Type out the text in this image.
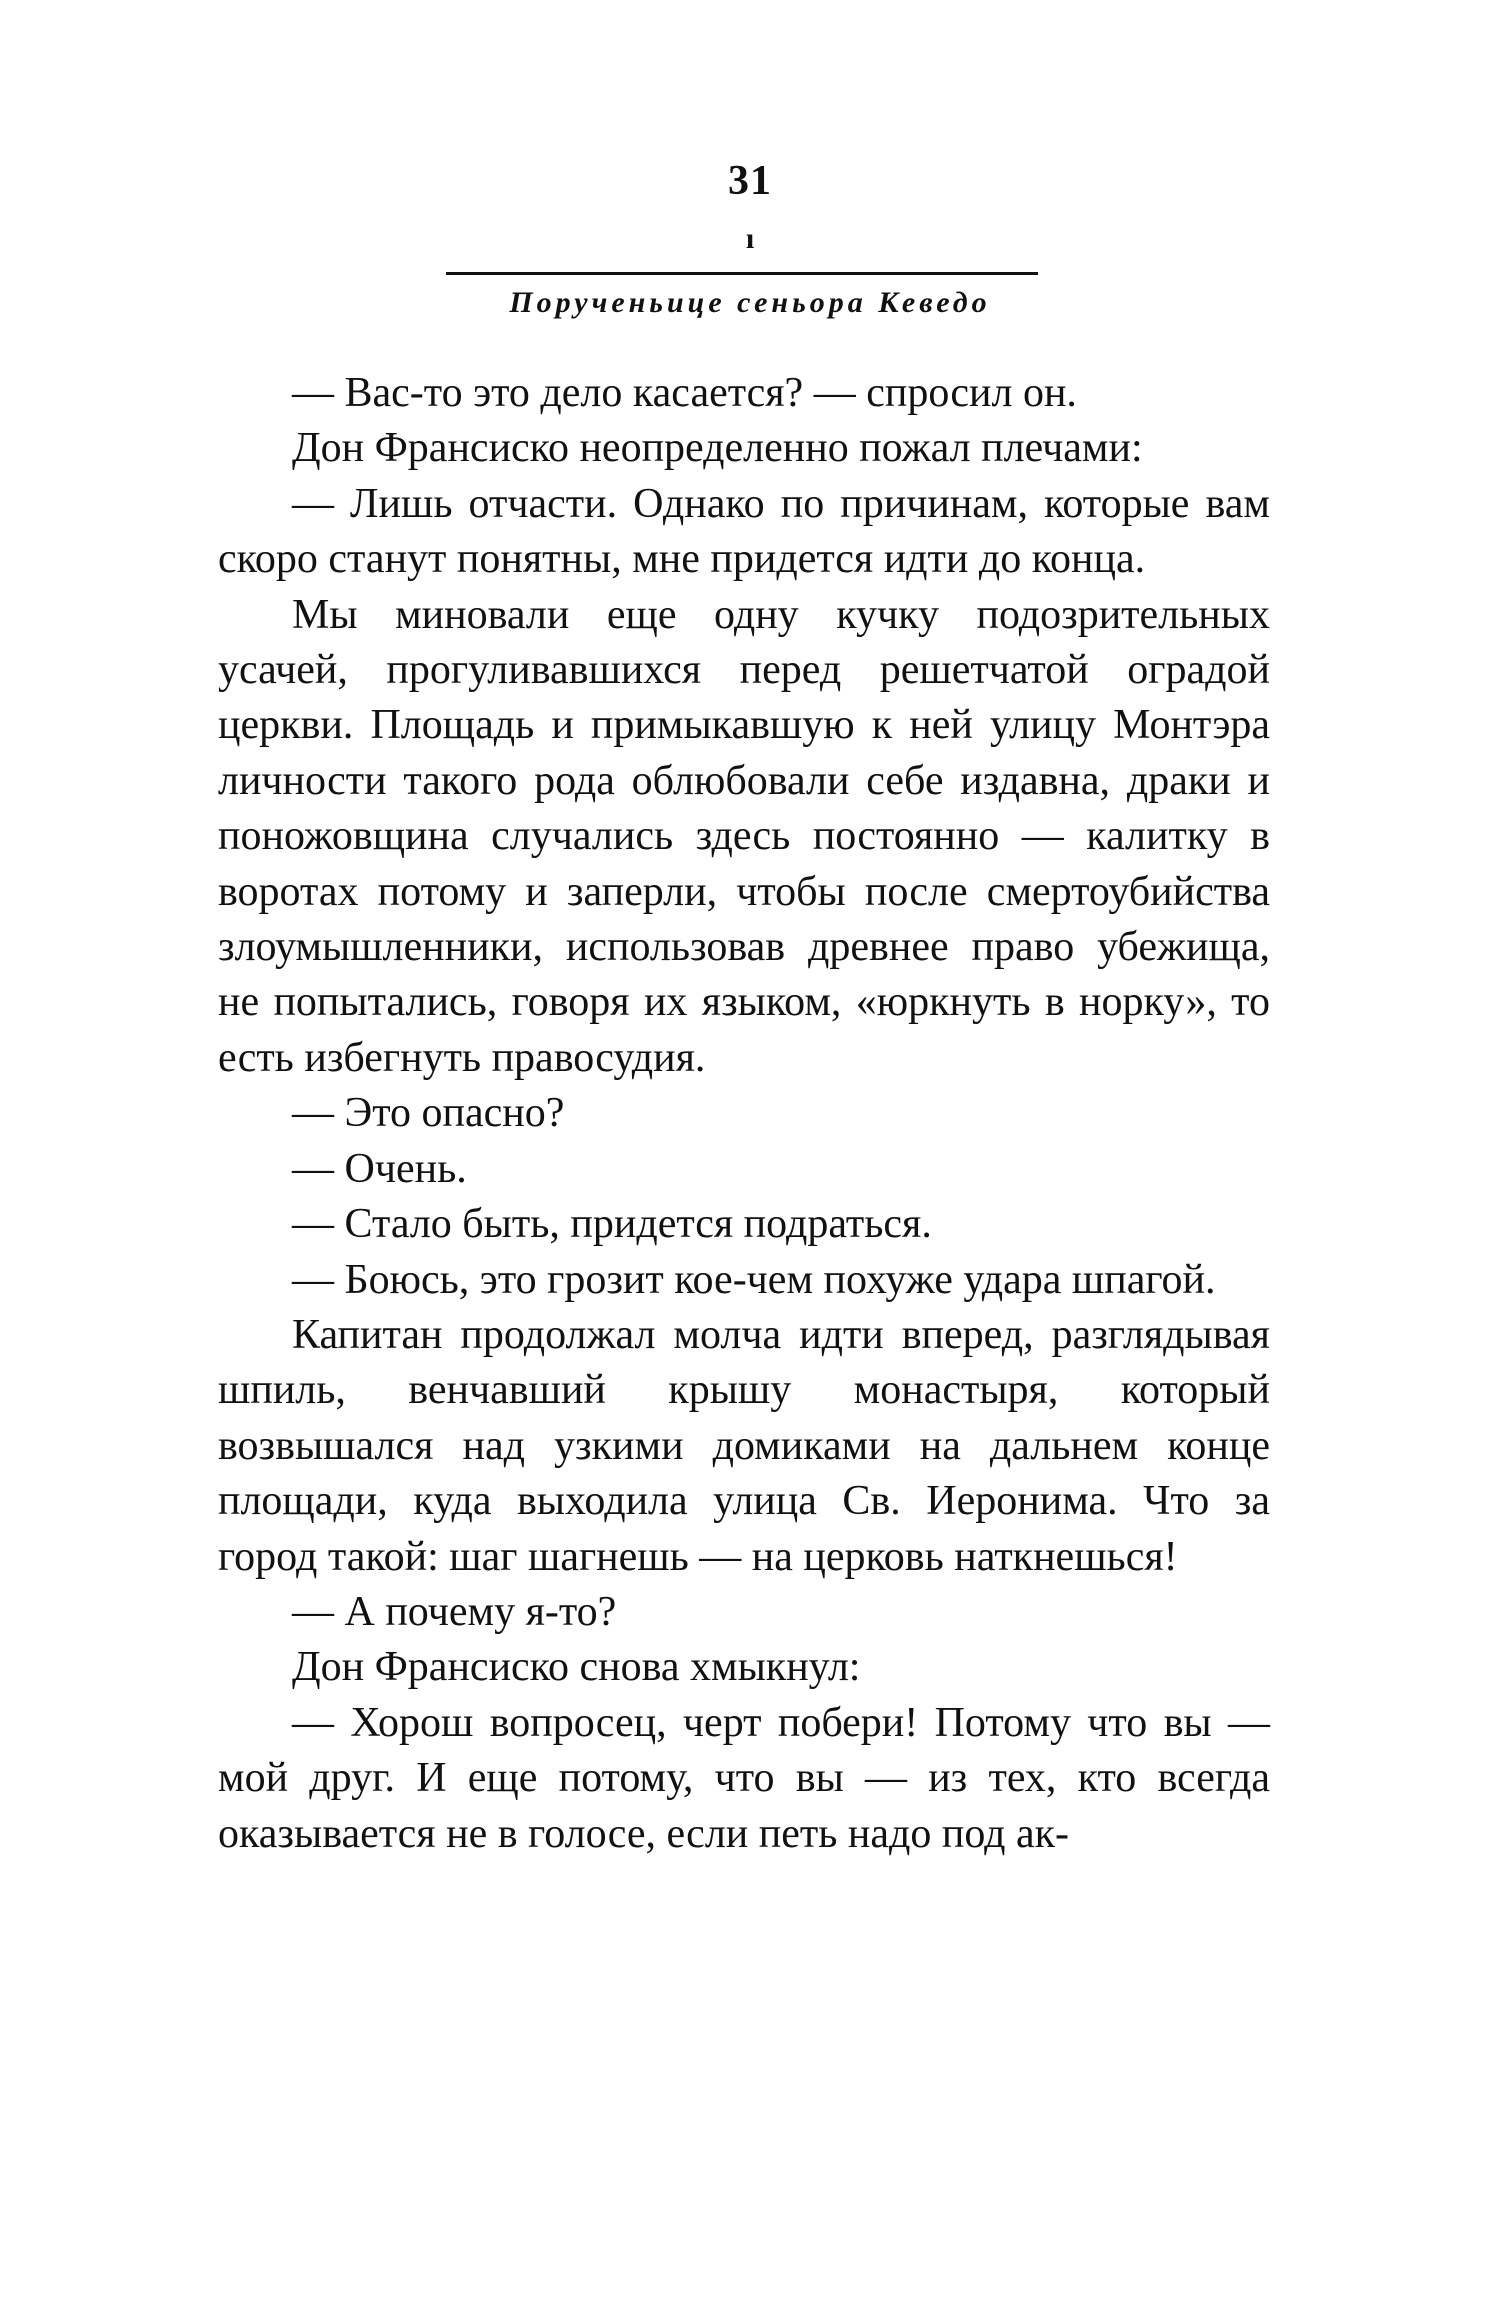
31
ı
Порученьице сеньора Кеведо

— Вас-то это дело касается? — спросил он.

Дон Франсиско неопределенно пожал плечами:

— Лишь отчасти. Однако по причинам, которые вам скоро станут понятны, мне придется идти до конца.

Мы миновали еще одну кучку подозрительных усачей, прогуливавшихся перед решетчатой оградой церкви. Площадь и примыкавшую к ней улицу Монтэра личности такого рода облюбовали себе издавна, драки и поножовщина случались здесь постоянно — калитку в воротах потому и заперли, чтобы после смертоубийства злоумышленники, использовав древнее право убежища, не попытались, говоря их языком, «юркнуть в норку», то есть избегнуть правосудия.

— Это опасно?

— Очень.

— Стало быть, придется подраться.

— Боюсь, это грозит кое-чем похуже удара шпагой.

Капитан продолжал молча идти вперед, разглядывая шпиль, венчавший крышу монастыря, который возвышался над узкими домиками на дальнем конце площади, куда выходила улица Св. Иеронима. Что за город такой: шаг шагнешь — на церковь наткнешься!

— А почему я-то?

Дон Франсиско снова хмыкнул:

— Хорош вопросец, черт побери! Потому что вы — мой друг. И еще потому, что вы — из тех, кто всегда оказывается не в голосе, если петь надо под ак-
